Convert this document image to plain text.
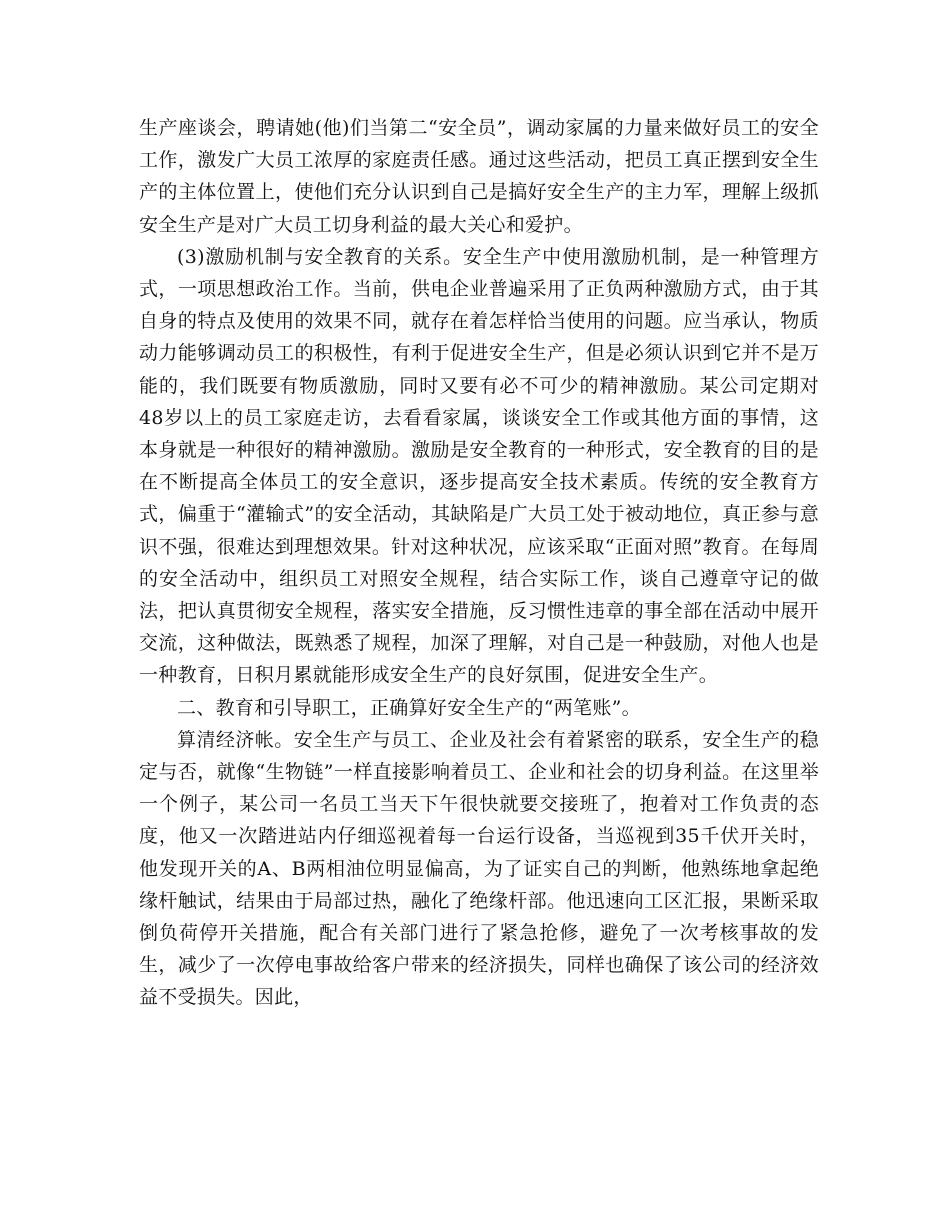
生产座谈会，聘请她(他)们当第二“安全员”，调动家属的力量来做好员工的安全工作，激发广大员工浓厚的家庭责任感。通过这些活动，把员工真正摆到安全生产的主体位置上，使他们充分认识到自己是搞好安全生产的主力军，理解上级抓安全生产是对广大员工切身利益的最大关心和爱护。

(3)激励机制与安全教育的关系。安全生产中使用激励机制，是一种管理方式，一项思想政治工作。当前，供电企业普遍采用了正负两种激励方式，由于其自身的特点及使用的效果不同，就存在着怎样恰当使用的问题。应当承认，物质动力能够调动员工的积极性，有利于促进安全生产，但是必须认识到它并不是万能的，我们既要有物质激励，同时又要有必不可少的精神激励。某公司定期对48岁以上的员工家庭走访，去看看家属，谈谈安全工作或其他方面的事情，这本身就是一种很好的精神激励。激励是安全教育的一种形式，安全教育的目的是在不断提高全体员工的安全意识，逐步提高安全技术素质。传统的安全教育方式，偏重于“灌输式”的安全活动，其缺陷是广大员工处于被动地位，真正参与意识不强，很难达到理想效果。针对这种状况，应该采取“正面对照”教育。在每周的安全活动中，组织员工对照安全规程，结合实际工作，谈自己遵章守记的做法，把认真贯彻安全规程，落实安全措施，反习惯性违章的事全部在活动中展开交流，这种做法，既熟悉了规程，加深了理解，对自己是一种鼓励，对他人也是一种教育，日积月累就能形成安全生产的良好氛围，促进安全生产。

二、教育和引导职工，正确算好安全生产的“两笔账”。

算清经济帐。安全生产与员工、企业及社会有着紧密的联系，安全生产的稳定与否，就像“生物链”一样直接影响着员工、企业和社会的切身利益。在这里举一个例子，某公司一名员工当天下午很快就要交接班了，抱着对工作负责的态度，他又一次踏进站内仔细巡视着每一台运行设备，当巡视到35千伏开关时，他发现开关的A、B两相油位明显偏高，为了证实自己的判断，他熟练地拿起绝缘杆触试，结果由于局部过热，融化了绝缘杆部。他迅速向工区汇报，果断采取倒负荷停开关措施，配合有关部门进行了紧急抢修，避免了一次考核事故的发生，减少了一次停电事故给客户带来的经济损失，同样也确保了该公司的经济效益不受损失。因此，
